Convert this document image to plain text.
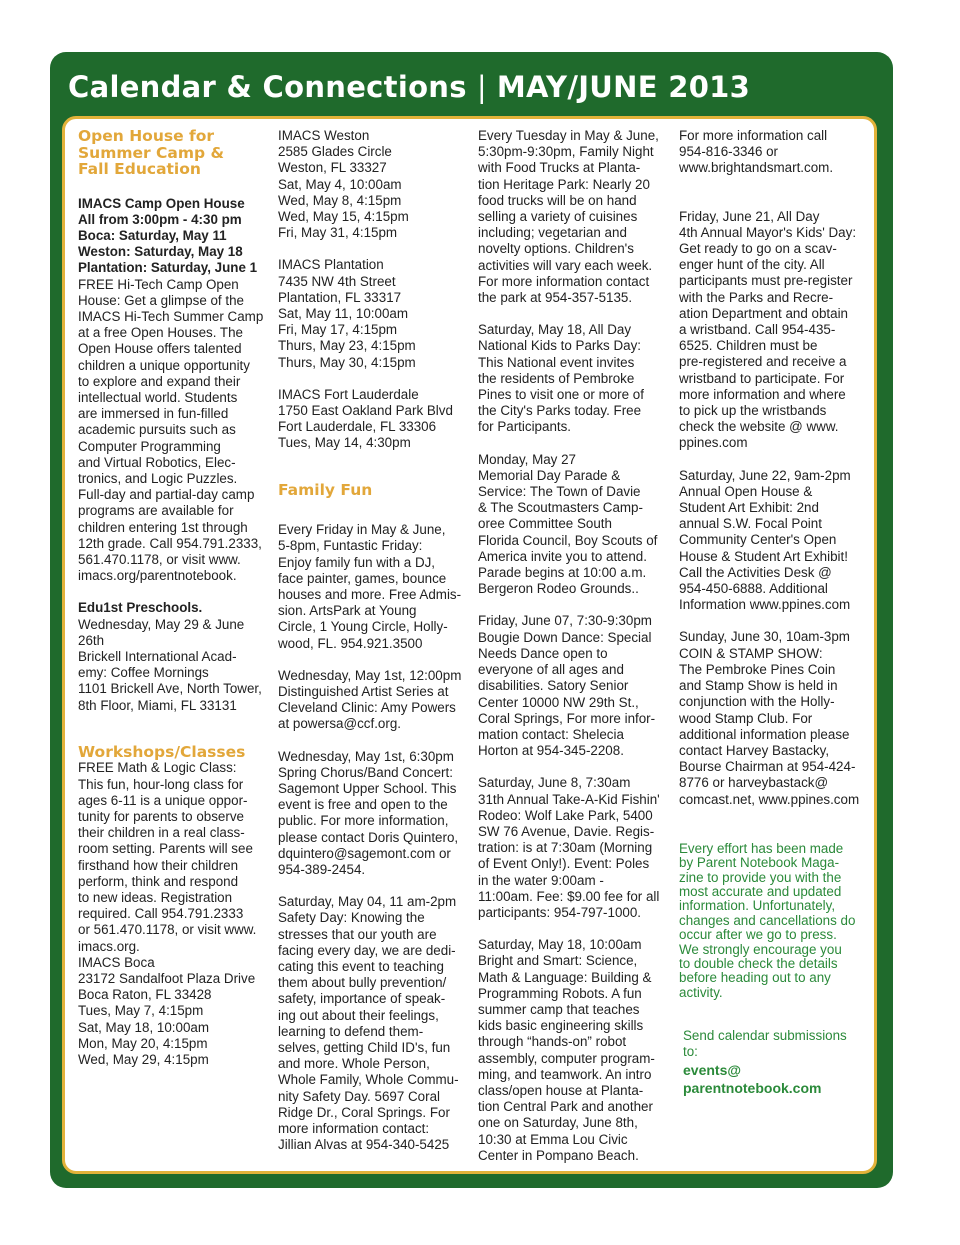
Calendar & Connections | MAY/JUNE 2013
Open House for
Summer Camp &
Fall Education

IMACS Camp Open House
All from 3:00pm - 4:30 pm
Boca: Saturday, May 11
Weston: Saturday, May 18
Plantation: Saturday, June 1

FREE Hi-Tech Camp Open
House: Get a glimpse of the
IMACS Hi-Tech Summer Camp
at a free Open Houses. The
Open House offers talented
children a unique opportunity
to explore and expand their
intellectual world. Students
are immersed in fun-filled
academic pursuits such as
Computer Programming
and Virtual Robotics, Elec-
tronics, and Logic Puzzles.
Full-day and partial-day camp
programs are available for
children entering 1st through
12th grade. Call 954.791.2333,
561.470.1178, or visit www.
imacs.org/parentnotebook.

Edu1st Preschools.
Wednesday, May 29 & June
26th
Brickell International Acad-
emy: Coffee Mornings
1101 Brickell Ave, North Tower,
8th Floor, Miami, FL 33131

Workshops/Classes

FREE Math & Logic Class:
This fun, hour-long class for
ages 6-11 is a unique oppor-
tunity for parents to observe
their children in a real class-
room setting. Parents will see
firsthand how their children
perform, think and respond
to new ideas. Registration
required. Call 954.791.2333
or 561.470.1178, or visit www.
imacs.org.
IMACS Boca
23172 Sandalfoot Plaza Drive
Boca Raton, FL 33428
Tues, May 7, 4:15pm
Sat, May 18, 10:00am
Mon, May 20, 4:15pm
Wed, May 29, 4:15pm

IMACS Weston
2585 Glades Circle
Weston, FL 33327
Sat, May 4, 10:00am
Wed, May 8, 4:15pm
Wed, May 15, 4:15pm
Fri, May 31, 4:15pm

IMACS Plantation
7435 NW 4th Street
Plantation, FL 33317
Sat, May 11, 10:00am
Fri, May 17, 4:15pm
Thurs, May 23, 4:15pm
Thurs, May 30, 4:15pm

IMACS Fort Lauderdale
1750 East Oakland Park Blvd
Fort Lauderdale, FL 33306
Tues, May 14, 4:30pm

Family Fun

Every Friday in May & June,
5-8pm, Funtastic Friday:
Enjoy family fun with a DJ,
face painter, games, bounce
houses and more. Free Admis-
sion. ArtsPark at Young
Circle, 1 Young Circle, Holly-
wood, FL. 954.921.3500

Wednesday, May 1st, 12:00pm
Distinguished Artist Series at
Cleveland Clinic: Amy Powers
at powersa@ccf.org.

Wednesday, May 1st, 6:30pm
Spring Chorus/Band Concert:
Sagemont Upper School. This
event is free and open to the
public. For more information,
please contact Doris Quintero,
dquintero@sagemont.com or
954-389-2454.

Saturday, May 04, 11 am-2pm
Safety Day: Knowing the
stresses that our youth are
facing every day, we are dedi-
cating this event to teaching
them about bully prevention/
safety, importance of speak-
ing out about their feelings,
learning to defend them-
selves, getting Child ID's, fun
and more. Whole Person,
Whole Family, Whole Commu-
nity Safety Day. 5697 Coral
Ridge Dr., Coral Springs. For
more information contact:
Jillian Alvas at 954-340-5425

Every Tuesday in May & June,
5:30pm-9:30pm, Family Night
with Food Trucks at Planta-
tion Heritage Park: Nearly 20
food trucks will be on hand
selling a variety of cuisines
including; vegetarian and
novelty options. Children's
activities will vary each week.
For more information contact
the park at 954-357-5135.

Saturday, May 18, All Day
National Kids to Parks Day:
This National event invites
the residents of Pembroke
Pines to visit one or more of
the City's Parks today. Free
for Participants.

Monday, May 27
Memorial Day Parade &
Service: The Town of Davie
& The Scoutmasters Camp-
oree Committee South
Florida Council, Boy Scouts of
America invite you to attend.
Parade begins at 10:00 a.m.
Bergeron Rodeo Grounds..

Friday, June 07, 7:30-9:30pm
Bougie Down Dance: Special
Needs Dance open to
everyone of all ages and
disabilities. Satory Senior
Center 10000 NW 29th St.,
Coral Springs, For more infor-
mation contact: Shelecia
Horton at 954-345-2208.

Saturday, June 8, 7:30am
31th Annual Take-A-Kid Fishin'
Rodeo: Wolf Lake Park, 5400
SW 76 Avenue, Davie. Regis-
tration: is at 7:30am (Morning
of Event Only!). Event: Poles
in the water 9:00am -
11:00am. Fee: $9.00 fee for all
participants: 954-797-1000.

Saturday, May 18, 10:00am
Bright and Smart: Science,
Math & Language: Building &
Programming Robots. A fun
summer camp that teaches
kids basic engineering skills
through “hands-on” robot
assembly, computer program-
ming, and teamwork. An intro
class/open house at Planta-
tion Central Park and another
one on Saturday, June 8th,
10:30 at Emma Lou Civic
Center in Pompano Beach.

For more information call
954-816-3346 or
www.brightandsmart.com.

Friday, June 21, All Day
4th Annual Mayor's Kids' Day:
Get ready to go on a scav-
enger hunt of the city. All
participants must pre-register
with the Parks and Recre-
ation Department and obtain
a wristband. Call 954-435-
6525. Children must be
pre-registered and receive a
wristband to participate. For
more information and where
to pick up the wristbands
check the website @ www.
ppines.com

Saturday, June 22, 9am-2pm
Annual Open House &
Student Art Exhibit: 2nd
annual S.W. Focal Point
Community Center's Open
House & Student Art Exhibit!
Call the Activities Desk @
954-450-6888. Additional
Information www.ppines.com

Sunday, June 30, 10am-3pm
COIN & STAMP SHOW:
The Pembroke Pines Coin
and Stamp Show is held in
conjunction with the Holly-
wood Stamp Club. For
additional information please
contact Harvey Bastacky,
Bourse Chairman at 954-424-
8776 or harveybastack@
comcast.net, www.ppines.com

Every effort has been made
by Parent Notebook Maga-
zine to provide you with the
most accurate and updated
information. Unfortunately,
changes and cancellations do
occur after we go to press.
We strongly encourage you
to double check the details
before heading out to any
activity.

Send calendar submissions
to:
events@
parentnotebook.com
